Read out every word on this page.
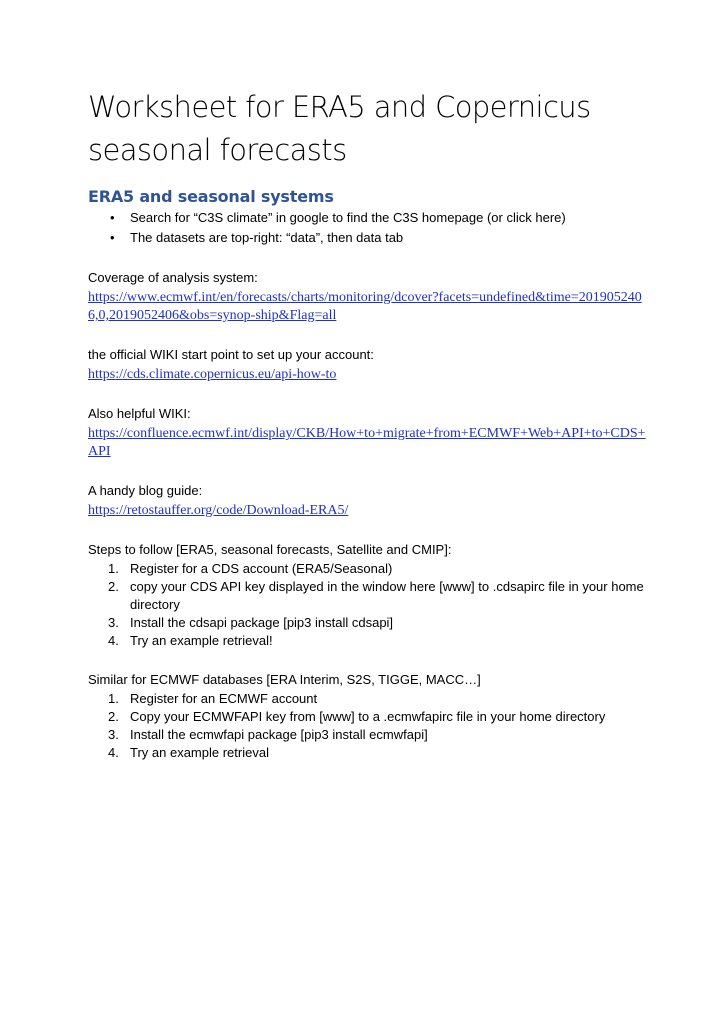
Worksheet for ERA5 and Copernicus seasonal forecasts
ERA5 and seasonal systems
• Search for “C3S climate” in google to find the C3S homepage (or click here)
• The datasets are top-right: “data”, then data tab

Coverage of analysis system:

https://www.ecmwf.int/en/forecasts/charts/monitoring/dcover?facets=undefined&time=2019052406,0,2019052406&obs=synop-ship&Flag=all

the official WIKI start point to set up your account:

https://cds.climate.copernicus.eu/api-how-to

Also helpful WIKI:

https://confluence.ecmwf.int/display/CKB/How+to+migrate+from+ECMWF+Web+API+to+CDS+API

A handy blog guide:

https://retostauffer.org/code/Download-ERA5/

Steps to follow [ERA5, seasonal forecasts, Satellite and CMIP]:

1. Register for a CDS account (ERA5/Seasonal)
2. copy your CDS API key displayed in the window here [www] to .cdsapirc file in your home directory
3. Install the cdsapi package [pip3 install cdsapi]
4. Try an example retrieval!

Similar for ECMWF databases [ERA Interim, S2S, TIGGE, MACC…]

1. Register for an ECMWF account
2. Copy your ECMWFAPI key from [www] to a .ecmwfapirc file in your home directory
3. Install the ecmwfapi package [pip3 install ecmwfapi]
4. Try an example retrieval
